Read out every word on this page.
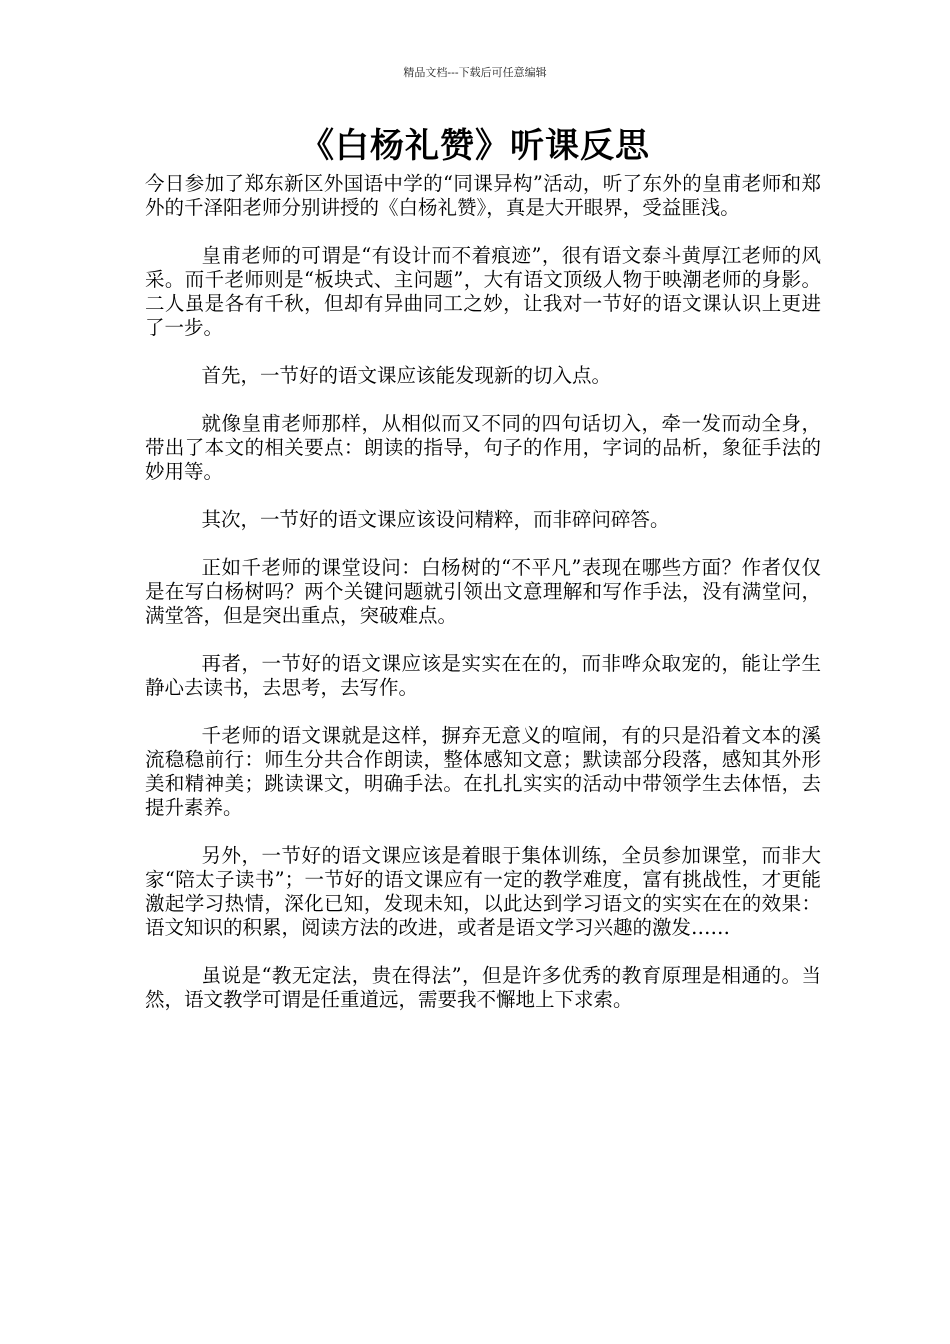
精品文档---下载后可任意编辑
《白杨礼赞》听课反思

今日参加了郑东新区外国语中学的“同课异构”活动，听了东外的皇甫老师和郑外的千泽阳老师分别讲授的《白杨礼赞》，真是大开眼界，受益匪浅。

皇甫老师的可谓是“有设计而不着痕迹”，很有语文泰斗黄厚江老师的风采。而千老师则是“板块式、主问题”，大有语文顶级人物于映潮老师的身影。二人虽是各有千秋，但却有异曲同工之妙，让我对一节好的语文课认识上更进了一步。

首先，一节好的语文课应该能发现新的切入点。

就像皇甫老师那样，从相似而又不同的四句话切入，牵一发而动全身，带出了本文的相关要点：朗读的指导，句子的作用，字词的品析，象征手法的妙用等。

其次，一节好的语文课应该设问精粹，而非碎问碎答。

正如千老师的课堂设问：白杨树的“不平凡”表现在哪些方面？作者仅仅是在写白杨树吗？两个关键问题就引领出文意理解和写作手法，没有满堂问，满堂答，但是突出重点，突破难点。

再者，一节好的语文课应该是实实在在的，而非哗众取宠的，能让学生静心去读书，去思考，去写作。

千老师的语文课就是这样，摒弃无意义的喧闹，有的只是沿着文本的溪流稳稳前行：师生分共合作朗读，整体感知文意；默读部分段落，感知其外形美和精神美；跳读课文，明确手法。在扎扎实实的活动中带领学生去体悟，去提升素养。

另外，一节好的语文课应该是着眼于集体训练，全员参加课堂，而非大家“陪太子读书”；一节好的语文课应有一定的教学难度，富有挑战性，才更能激起学习热情，深化已知，发现未知，以此达到学习语文的实实在在的效果：语文知识的积累，阅读方法的改进，或者是语文学习兴趣的激发……

虽说是“教无定法，贵在得法”，但是许多优秀的教育原理是相通的。当然，语文教学可谓是任重道远，需要我不懈地上下求索。
